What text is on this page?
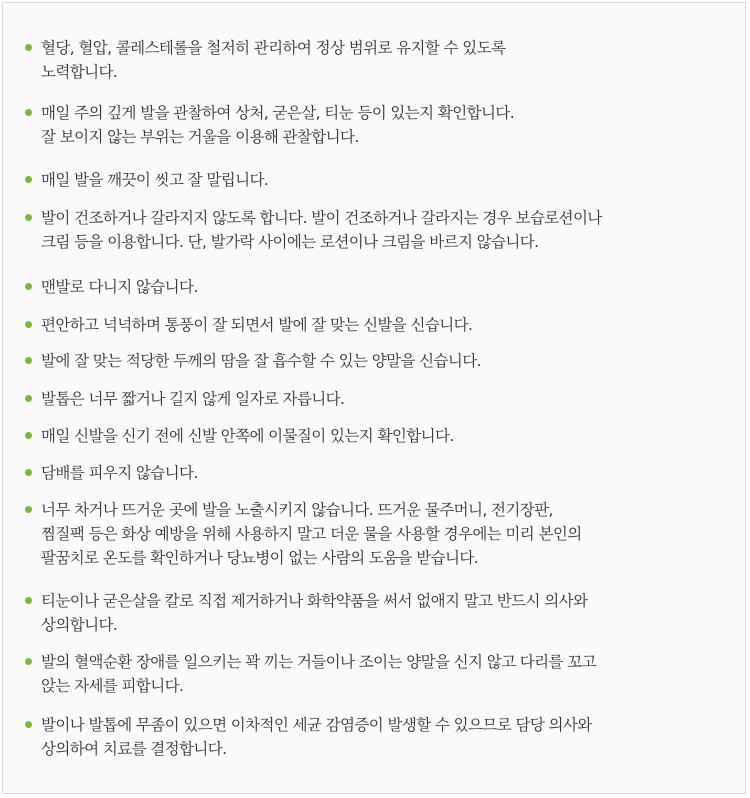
혈당, 혈압, 콜레스테롤을 철저히 관리하여 정상 범위로 유지할 수 있도록
노력합니다.
매일 주의 깊게 발을 관찰하여 상처, 굳은살, 티눈 등이 있는지 확인합니다.
잘 보이지 않는 부위는 거울을 이용해 관찰합니다.
매일 발을 깨끗이 씻고 잘 말립니다.
발이 건조하거나 갈라지지 않도록 합니다. 발이 건조하거나 갈라지는 경우 보습로션이나
크림 등을 이용합니다. 단, 발가락 사이에는 로션이나 크림을 바르지 않습니다.
맨발로 다니지 않습니다.
편안하고 넉넉하며 통풍이 잘 되면서 발에 잘 맞는 신발을 신습니다.
발에 잘 맞는 적당한 두께의 땀을 잘 흡수할 수 있는 양말을 신습니다.
발톱은 너무 짧거나 길지 않게 일자로 자릅니다.
매일 신발을 신기 전에 신발 안쪽에 이물질이 있는지 확인합니다.
담배를 피우지 않습니다.
너무 차거나 뜨거운 곳에 발을 노출시키지 않습니다. 뜨거운 물주머니, 전기장판,
찜질팩 등은 화상 예방을 위해 사용하지 말고 더운 물을 사용할 경우에는 미리 본인의
팔꿈치로 온도를 확인하거나 당뇨병이 없는 사람의 도움을 받습니다.
티눈이나 굳은살을 칼로 직접 제거하거나 화학약품을 써서 없애지 말고 반드시 의사와
상의합니다.
발의 혈액순환 장애를 일으키는 꽉 끼는 거들이나 조이는 양말을 신지 않고 다리를 꼬고
앉는 자세를 피합니다.
발이나 발톱에 무좀이 있으면 이차적인 세균 감염증이 발생할 수 있으므로 담당 의사와
상의하여 치료를 결정합니다.
